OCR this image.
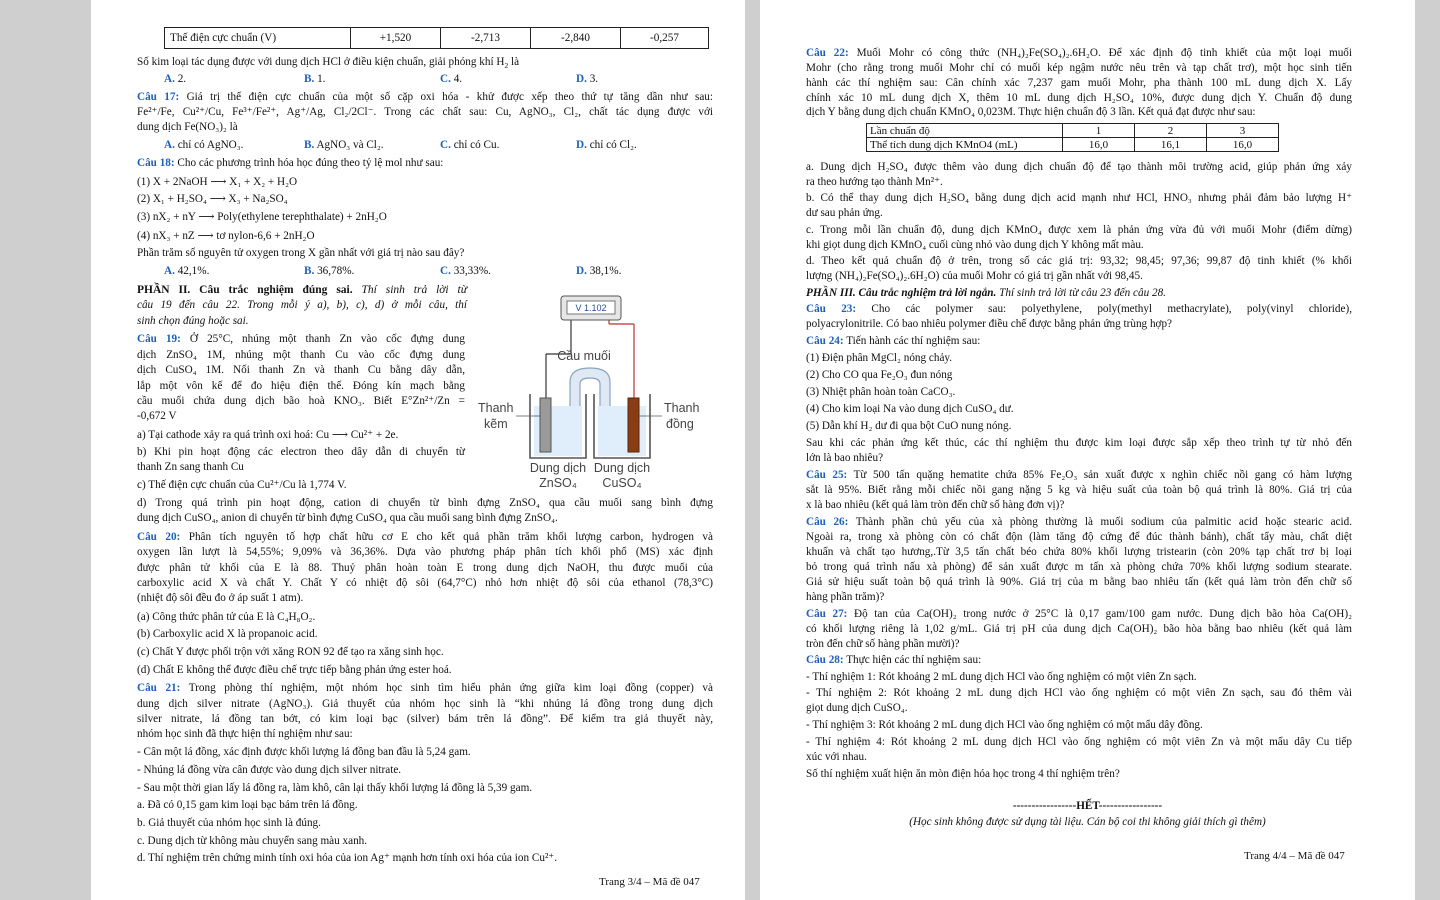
Thế điện cực chuẩn (V)	+1,520	-2,713	-2,840	-0,257
Số kim loại tác dụng được với dung dịch HCl ở điều kiện chuẩn, giải phóng khí $H_2$ là
A. 2.	B. 1.	C. 4.	D. 3.
Câu 17: Giá trị thế điện cực chuẩn của một số cặp oxi hóa - khử được xếp theo thứ tự tăng dần như sau:
Fe²⁺/Fe, Cu²⁺/Cu, Fe³⁺/Fe²⁺, Ag⁺/Ag, Cl₂/2Cl⁻. Trong các chất sau: Cu, AgNO₃, Cl₂, chất tác dụng được với
dung dịch Fe(NO₃)₂ là
A. chỉ có AgNO₃.	B. AgNO₃ và Cl₂.	C. chỉ có Cu.	D. chỉ có Cl₂.
Câu 18: Cho các phương trình hóa học đúng theo tỷ lệ mol như sau:
(1) X + 2NaOH ⟶ X₁ + X₂ + H₂O
(2) X₁ + H₂SO₄ ⟶ X₃ + Na₂SO₄
(3) nX₂ + nY ⟶ Poly(ethylene terephthalate) + 2nH₂O
(4) nX₃ + nZ ⟶ tơ nylon-6,6 + 2nH₂O
Phần trăm số nguyên tử oxygen trong X gần nhất với giá trị nào sau đây?
A. 42,1%.	B. 36,78%.	C. 33,33%.	D. 38,1%.
PHẦN II. Câu trắc nghiệm đúng sai. Thí sinh trả lời từ
câu 19 đến câu 22. Trong mỗi ý a), b), c), d) ở mỗi câu, thí
sinh chọn đúng hoặc sai.
Câu 19: Ở 25°C, nhúng một thanh Zn vào cốc đựng dung
dịch ZnSO₄ 1M, nhúng một thanh Cu vào cốc đựng dung
dịch CuSO₄ 1M. Nối thanh Zn và thanh Cu bằng dây dẫn,
lắp một vôn kế để đo hiệu điện thế. Đóng kín mạch bằng
cầu muối chứa dung dịch bão hoà KNO₃. Biết E°Zn²⁺/Zn =
-0,672 V
a) Tại cathode xảy ra quá trình oxi hoá: Cu ⟶ Cu²⁺ + 2e.
b) Khi pin hoạt động các electron theo dây dẫn di chuyển từ
thanh Zn sang thanh Cu
c) Thế điện cực chuẩn của Cu²⁺/Cu là 1,774 V.
d) Trong quá trình pin hoạt động, cation di chuyển từ bình đựng ZnSO₄ qua cầu muối sang bình đựng
dung dịch CuSO₄, anion di chuyển từ bình đựng CuSO₄ qua cầu muối sang bình đựng ZnSO₄.
V 1.102
Cầu muối
Thanh
kẽm
Thanh
đồng
Dung dịch
ZnSO₄
Dung dịch
CuSO₄
Câu 20: Phân tích nguyên tố hợp chất hữu cơ E cho kết quả phần trăm khối lượng carbon, hydrogen và
oxygen lần lượt là 54,55%; 9,09% và 36,36%. Dựa vào phương pháp phân tích khối phổ (MS) xác định
được phân tử khối của E là 88. Thuỷ phân hoàn toàn E trong dung dịch NaOH, thu được muối của
carboxylic acid X và chất Y. Chất Y có nhiệt độ sôi (64,7°C) nhỏ hơn nhiệt độ sôi của ethanol (78,3°C)
(nhiệt độ sôi đều đo ở áp suất 1 atm).
(a) Công thức phân tử của E là C₄H₈O₂.
(b) Carboxylic acid X là propanoic acid.
(c) Chất Y được phối trộn với xăng RON 92 để tạo ra xăng sinh học.
(d) Chất E không thể được điều chế trực tiếp bằng phản ứng ester hoá.
Câu 21: Trong phòng thí nghiệm, một nhóm học sinh tìm hiểu phản ứng giữa kim loại đồng (copper) và
dung dịch silver nitrate (AgNO₃). Giả thuyết của nhóm học sinh là “khi nhúng lá đồng trong dung dịch
silver nitrate, lá đồng tan bớt, có kim loại bạc (silver) bám trên lá đồng”. Để kiểm tra giả thuyết này,
nhóm học sinh đã thực hiện thí nghiệm như sau:
- Cân một lá đồng, xác định được khối lượng lá đồng ban đầu là 5,24 gam.
- Nhúng lá đồng vừa cân được vào dung dịch silver nitrate.
- Sau một thời gian lấy lá đồng ra, làm khô, cân lại thấy khối lượng lá đồng là 5,39 gam.
a. Đã có 0,15 gam kim loại bạc bám trên lá đồng.
b. Giả thuyết của nhóm học sinh là đúng.
c. Dung dịch từ không màu chuyển sang màu xanh.
d. Thí nghiệm trên chứng minh tính oxi hóa của ion Ag⁺ mạnh hơn tính oxi hóa của ion Cu²⁺.
Trang 3/4 – Mã đề 047
Câu 22: Muối Mohr có công thức (NH₄)₂Fe(SO₄)₂.6H₂O. Để xác định độ tinh khiết của một loại muối
Mohr (cho rằng trong muối Mohr chỉ có muối kép ngậm nước nêu trên và tạp chất trơ), một học sinh tiến
hành các thí nghiệm sau: Cân chính xác 7,237 gam muối Mohr, pha thành 100 mL dung dịch X. Lấy
chính xác 10 mL dung dịch X, thêm 10 mL dung dịch H₂SO₄ 10%, được dung dịch Y. Chuẩn độ dung
dịch Y bằng dung dịch chuẩn KMnO₄ 0,023M. Thực hiện chuẩn độ 3 lần. Kết quả đạt được như sau:
Lần chuẩn độ	1	2	3
Thể tích dung dịch KMnO4 (mL)	16,0	16,1	16,0
a. Dung dịch H₂SO₄ được thêm vào dung dịch chuẩn độ để tạo thành môi trường acid, giúp phản ứng xảy
ra theo hướng tạo thành Mn²⁺.
b. Có thể thay dung dịch H₂SO₄ bằng dung dịch acid mạnh như HCl, HNO₃ nhưng phải đảm bảo lượng H⁺
dư sau phản ứng.
c. Trong mỗi lần chuẩn độ, dung dịch KMnO₄ được xem là phản ứng vừa đủ với muối Mohr (điểm dừng)
khi giọt dung dịch KMnO₄ cuối cùng nhỏ vào dung dịch Y không mất màu.
d. Theo kết quả chuẩn độ ở trên, trong số các giá trị: 93,32; 98,45; 97,36; 99,87 độ tinh khiết (% khối
lượng (NH₄)₂Fe(SO₄)₂.6H₂O) của muối Mohr có giá trị gần nhất với 98,45.
PHẦN III. Câu trắc nghiệm trả lời ngắn. Thí sinh trả lời từ câu 23 đến câu 28.
Câu 23: Cho các polymer sau: polyethylene, poly(methyl methacrylate), poly(vinyl chloride),
polyacrylonitrile. Có bao nhiêu polymer điều chế được bằng phản ứng trùng hợp?
Câu 24: Tiến hành các thí nghiệm sau:
(1) Điện phân MgCl₂ nóng chảy.
(2) Cho CO qua Fe₂O₃ đun nóng
(3) Nhiệt phân hoàn toàn CaCO₃.
(4) Cho kim loại Na vào dung dịch CuSO₄ dư.
(5) Dẫn khí H₂ dư đi qua bột CuO nung nóng.
Sau khi các phản ứng kết thúc, các thí nghiệm thu được kim loại được sắp xếp theo trình tự từ nhỏ đến
lớn là bao nhiêu?
Câu 25: Từ 500 tấn quặng hematite chứa 85% Fe₂O₃ sản xuất được x nghìn chiếc nồi gang có hàm lượng
sắt là 95%. Biết rằng mỗi chiếc nồi gang nặng 5 kg và hiệu suất của toàn bộ quá trình là 80%. Giá trị của
x là bao nhiêu (kết quả làm tròn đến chữ số hàng đơn vị)?
Câu 26: Thành phần chủ yếu của xà phòng thường là muối sodium của palmitic acid hoặc stearic acid.
Ngoài ra, trong xà phòng còn có chất độn (làm tăng độ cứng để đúc thành bánh), chất tẩy màu, chất diệt
khuẩn và chất tạo hương,.Từ 3,5 tấn chất béo chứa 80% khối lượng tristearin (còn 20% tạp chất trơ bị loại
bỏ trong quá trình nấu xà phòng) để sản xuất được m tấn xà phòng chứa 70% khối lượng sodium stearate.
Giả sử hiệu suất toàn bộ quá trình là 90%. Giá trị của m bằng bao nhiêu tấn (kết quả làm tròn đến chữ số
hàng phần trăm)?
Câu 27: Độ tan của Ca(OH)₂ trong nước ở 25°C là 0,17 gam/100 gam nước. Dung dịch bão hòa Ca(OH)₂
có khối lượng riêng là 1,02 g/mL. Giá trị pH của dung dịch Ca(OH)₂ bão hòa bằng bao nhiêu (kết quả làm
tròn đến chữ số hàng phần mười)?
Câu 28: Thực hiện các thí nghiệm sau:
- Thí nghiệm 1: Rót khoảng 2 mL dung dịch HCl vào ống nghiệm có một viên Zn sạch.
- Thí nghiệm 2: Rót khoảng 2 mL dung dịch HCl vào ống nghiệm có một viên Zn sạch, sau đó thêm vài
giọt dung dịch CuSO₄.
- Thí nghiệm 3: Rót khoảng 2 mL dung dịch HCl vào ống nghiệm có một mẩu dây đồng.
- Thí nghiệm 4: Rót khoảng 2 mL dung dịch HCl vào ống nghiệm có một viên Zn và một mẩu dây Cu tiếp
xúc với nhau.
Số thí nghiệm xuất hiện ăn mòn điện hóa học trong 4 thí nghiệm trên?
-----------------HẾT-----------------
(Học sinh không được sử dụng tài liệu. Cán bộ coi thi không giải thích gì thêm)
Trang 4/4 – Mã đề 047
